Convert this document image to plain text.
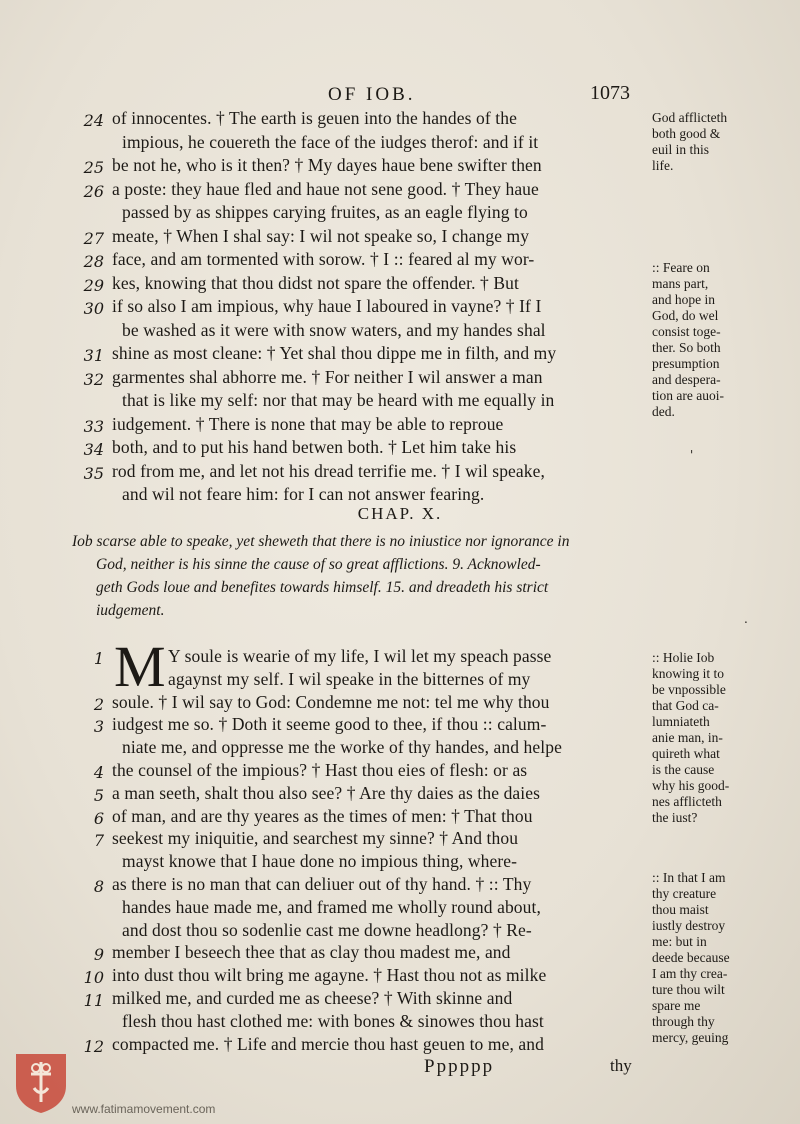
OF IOB.	1073
24 of innocentes. † The earth is geuen into the handes of the
impious, he couereth the face of the iudges therof: and if it
25 be not he, who is it then? † My dayes haue bene swifter then
26 a poste: they haue fled and haue not sene good. † They haue
passed by as shippes carying fruites, as an eagle flying to
27 meate, † When I shal say: I wil not speake so, I change my
28 face, and am tormented with sorow. † I :: feared al my wor-
29 kes, knowing that thou didst not spare the offender. † But
30 if so also I am impious, why haue I laboured in vayne? † If I
be washed as it were with snow waters, and my handes shal
31 shine as most cleane: † Yet shal thou dippe me in filth, and my
32 garmentes shal abhorre me. † For neither I wil answer a man
that is like my self: nor that may be heard with me equally in
33 iudgement. † There is none that may be able to reproue
34 both, and to put his hand betwen both. † Let him take his
35 rod from me, and let not his dread terrifie me. † I wil speake,
and wil not feare him: for I can not answer fearing.
God afflicteth
both good &
euil in this
life.
:: Feare on
mans part,
and hope in
God, do wel
consist toge-
ther. So both
presumption
and desperа-
tion are auoi-
ded.
'
CHAP. X.
Iob scarse able to speake, yet sheweth that there is no iniustice nor ignorance in
God, neither is his sinne the cause of so great afflictions. 9. Acknowled-
geth Gods loue and benefites towards himself. 15. and dreadeth his strict
iudgement.	.
M
1	Y soule is wearie of my life, I wil let my speach passe
agaynst my self. I wil speake in the bitternes of my
2 soule. † I wil say to God: Condemne me not: tel me why thou
3 iudgest me so. † Doth it seeme good to thee, if thou :: calum-
niate me, and oppresse me the worke of thy handes, and helpe
4 the counsel of the impious? † Hast thou eies of flesh: or as
5 a man seeth, shalt thou also see? † Are thy daies as the daies
6 of man, and are thy yeares as the times of men: † That thou
7 seekest my iniquitie, and searchest my sinne? † And thou
mayst knowe that I haue done no impious thing, where-
8 as there is no man that can deliuer out of thy hand. † :: Thy
handes haue made me, and framed me wholly round about,
and dost thou so sodenlie cast me downe headlong? † Re-
9 member I beseech thee that as clay thou madest me, and
10 into dust thou wilt bring me agayne. † Hast thou not as milke
11 milked me, and curded me as cheese? † With skinne and
flesh thou hast clothed me: with bones & sinowes thou hast
12 compacted me. † Life and mercie thou hast geuen to me, and
:: Holie Iob
knowing it to
be vnpossible
that God ca-
lumniateth
anie man, in-
quireth what
is the cause
why his good-
nes afflicteth
the iust?
:: In that I am
thy creature
thou maist
iustly destroy
me: but in
deede because
I am thy crea-
ture thou wilt
spare me
through thy
mercy, geuing
Pppppp	thy
www.fatimamovement.com
